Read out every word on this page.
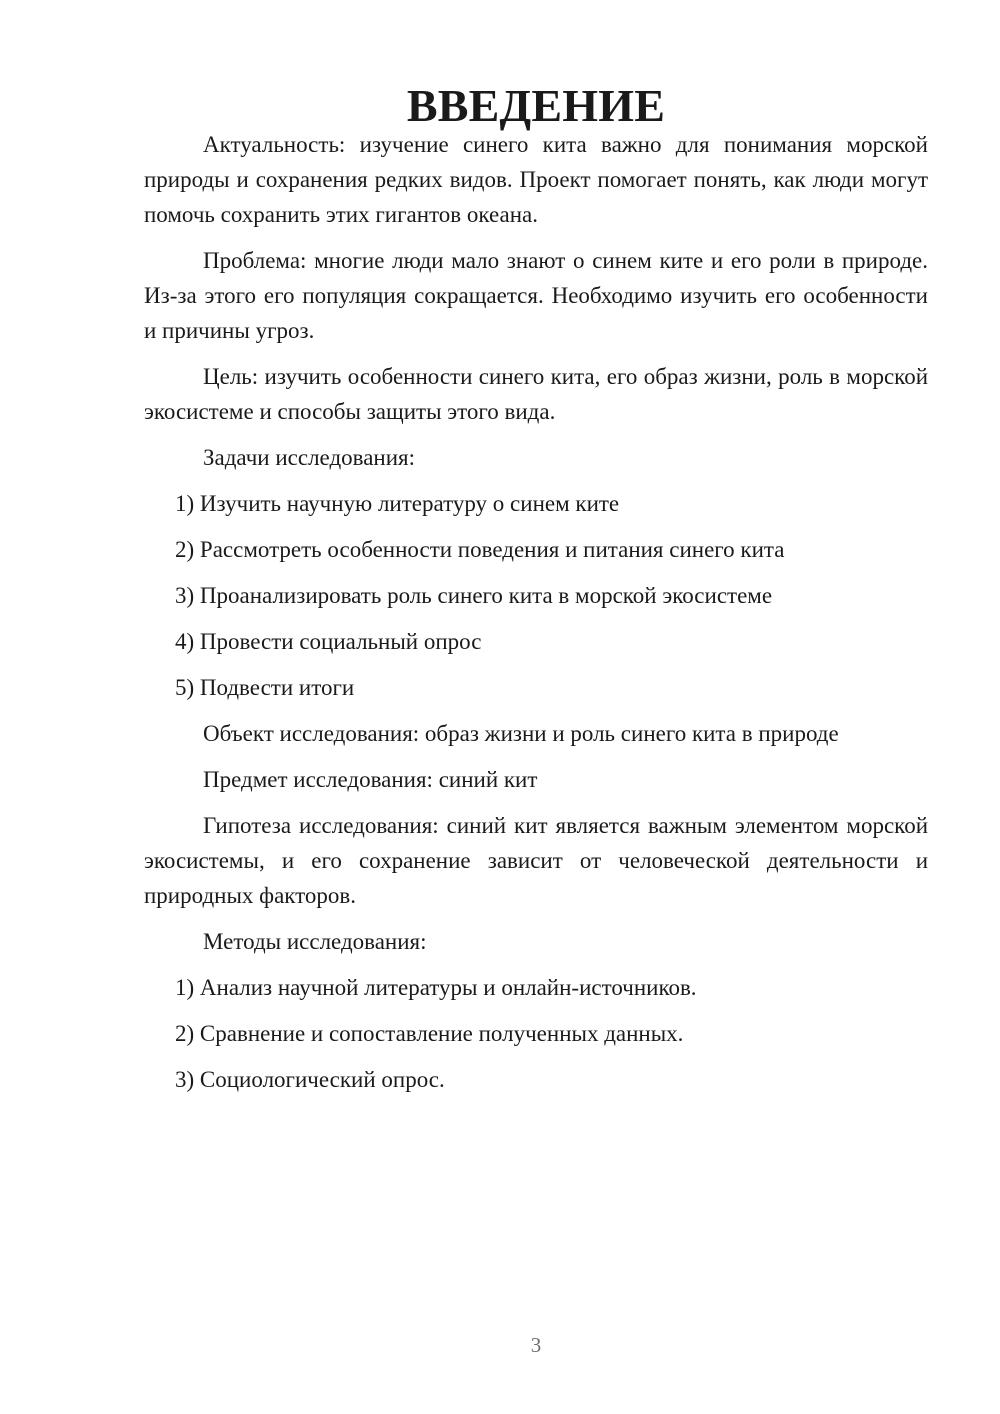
ВВЕДЕНИЕ

Актуальность: изучение синего кита важно для понимания морской природы и сохранения редких видов. Проект помогает понять, как люди могут помочь сохранить этих гигантов океана.

Проблема: многие люди мало знают о синем ките и его роли в природе. Из-за этого его популяция сокращается. Необходимо изучить его особенности и причины угроз.

Цель: изучить особенности синего кита, его образ жизни, роль в морской экосистеме и способы защиты этого вида.

Задачи исследования:

1) Изучить научную литературу о синем ките

2) Рассмотреть особенности поведения и питания синего кита

3) Проанализировать роль синего кита в морской экосистеме

4) Провести социальный опрос

5) Подвести итоги

Объект исследования: образ жизни и роль синего кита в природе

Предмет исследования: синий кит

Гипотеза исследования: синий кит является важным элементом морской экосистемы, и его сохранение зависит от человеческой деятельности и природных факторов.

Методы исследования:

1) Анализ научной литературы и онлайн-источников.

2) Сравнение и сопоставление полученных данных.

3) Социологический опрос.

3
